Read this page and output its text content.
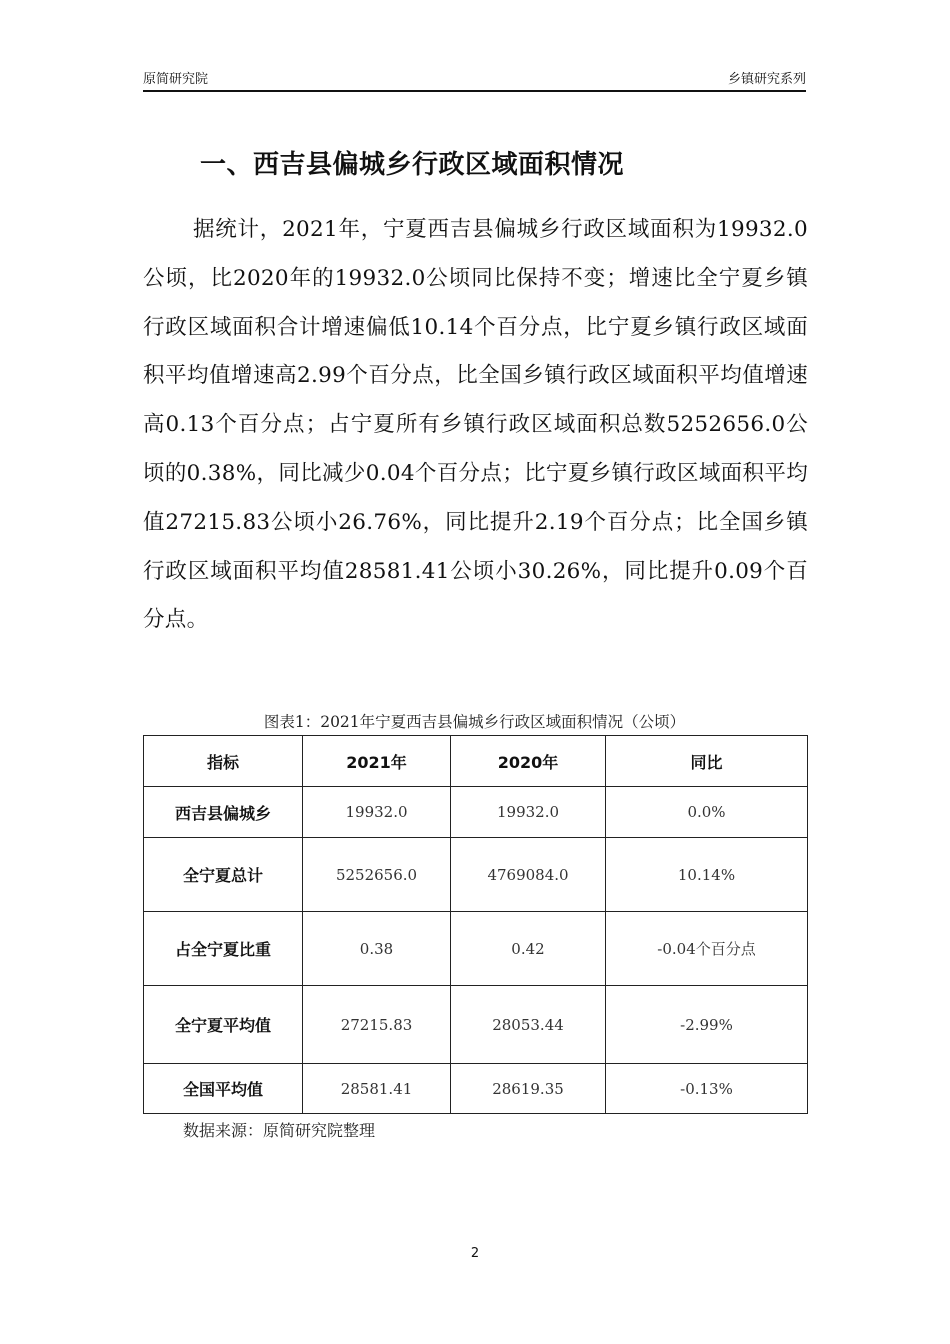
原简研究院	乡镇研究系列
一、西吉县偏城乡行政区域面积情况
据统计，2021年，宁夏西吉县偏城乡行政区域面积为19932.0公顷，比2020年的19932.0公顷同比保持不变；增速比全宁夏乡镇行政区域面积合计增速偏低10.14个百分点，比宁夏乡镇行政区域面积平均值增速高2.99个百分点，比全国乡镇行政区域面积平均值增速高0.13个百分点；占宁夏所有乡镇行政区域面积总数5252656.0公顷的0.38%，同比减少0.04个百分点；比宁夏乡镇行政区域面积平均值27215.83公顷小26.76%，同比提升2.19个百分点；比全国乡镇行政区域面积平均值28581.41公顷小30.26%，同比提升0.09个百分点。
图表1：2021年宁夏西吉县偏城乡行政区域面积情况（公顷）
指标	2021年	2020年	同比
西吉县偏城乡	19932.0	19932.0	0.0%
全宁夏总计	5252656.0	4769084.0	10.14%
占全宁夏比重	0.38	0.42	-0.04个百分点
全宁夏平均值	27215.83	28053.44	-2.99%
全国平均值	28581.41	28619.35	-0.13%
数据来源：原简研究院整理
2
